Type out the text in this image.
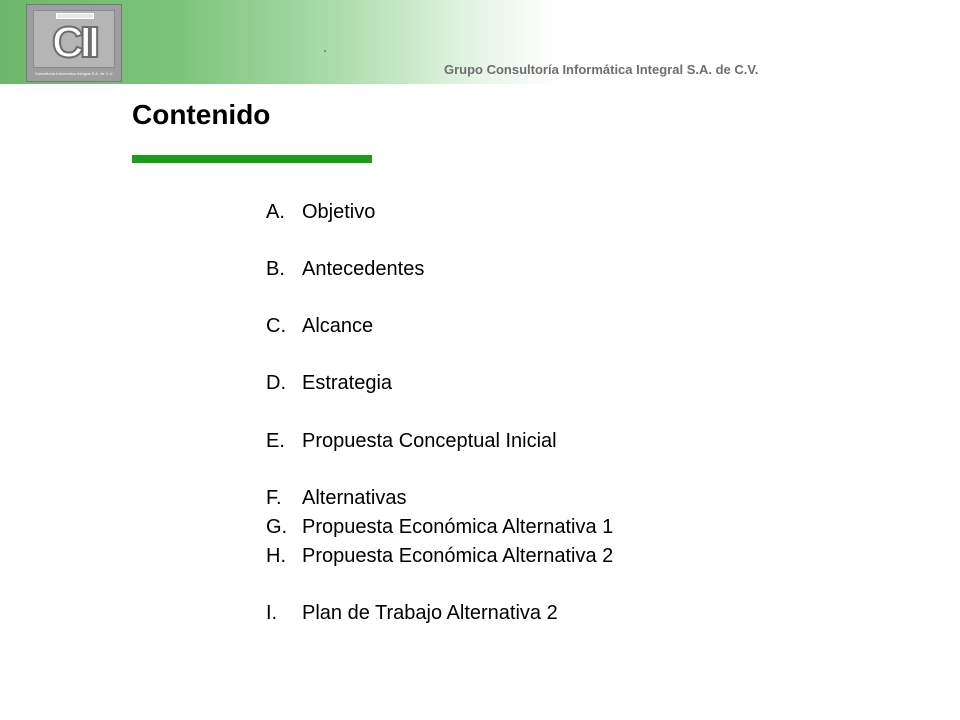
CII
Consultoria Informatica Integral S.A. de C.V.	Grupo Consultoría Informática Integral S.A. de C.V.
Contenido
A. Objetivo
B. Antecedentes
C. Alcance
D. Estrategia
E. Propuesta Conceptual Inicial
F. Alternativas
G. Propuesta Económica Alternativa 1
H. Propuesta Económica Alternativa 2
I. Plan de Trabajo Alternativa 2
